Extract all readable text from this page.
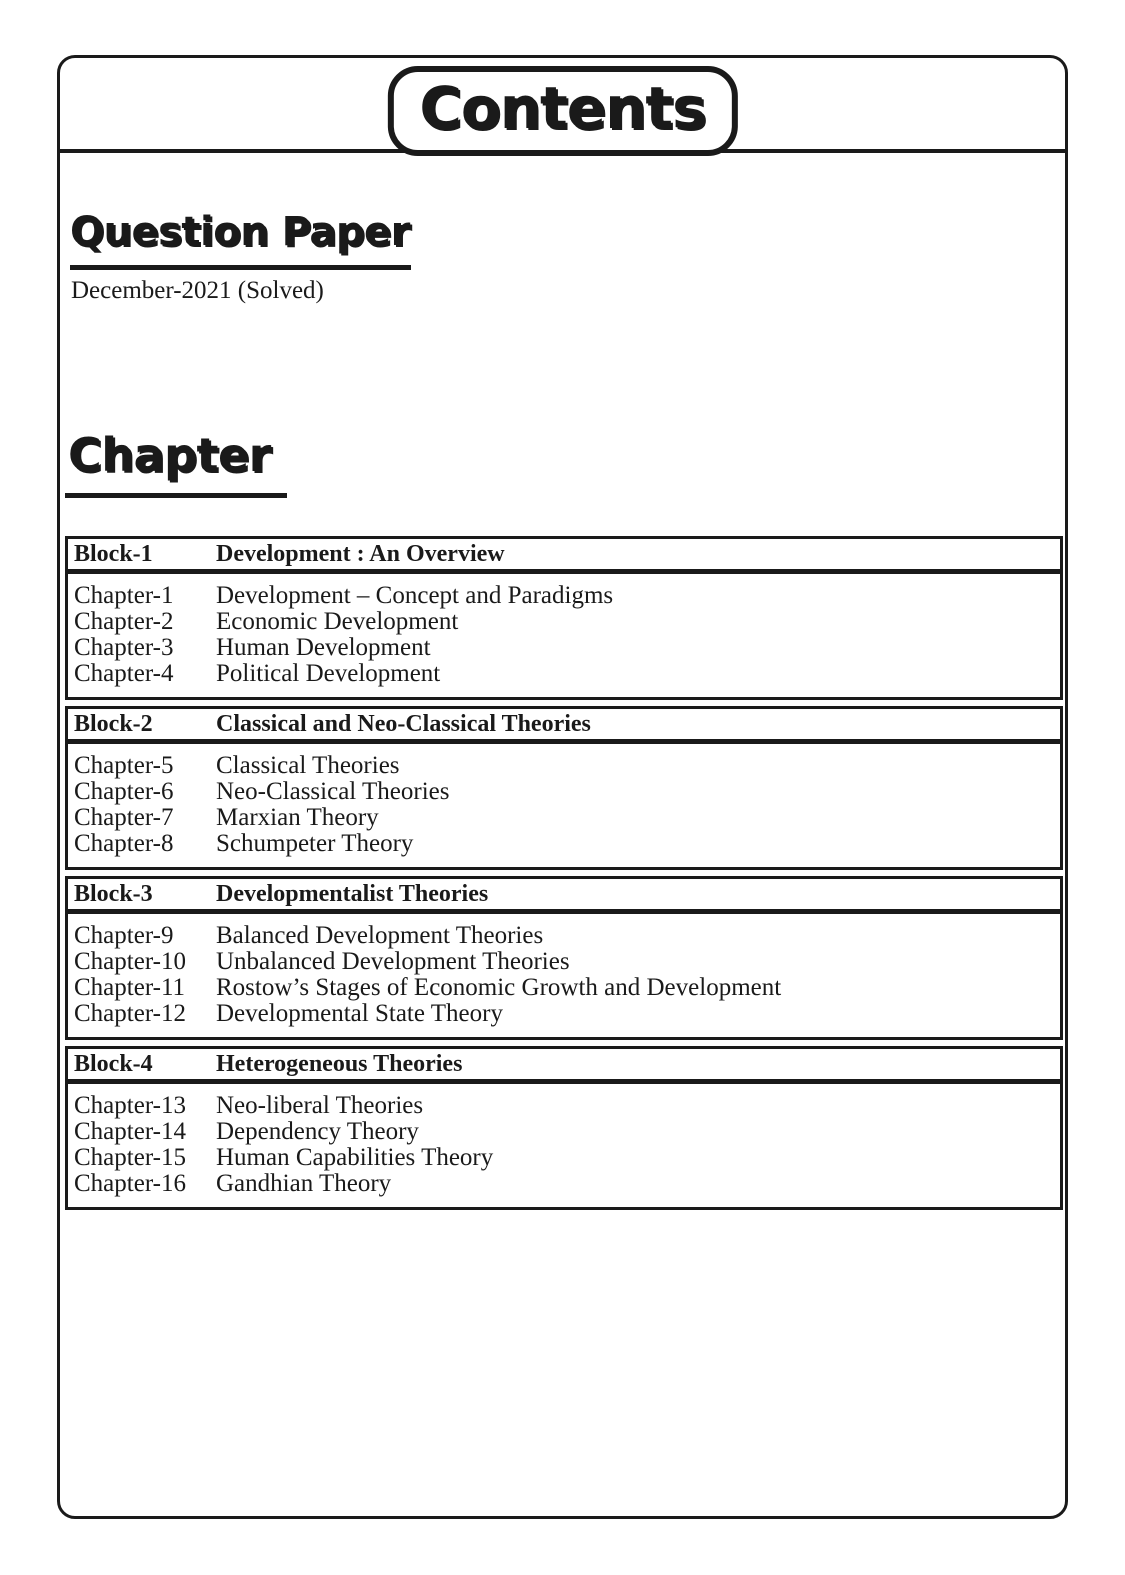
Contents
Question Paper
December-2021 (Solved)
Chapter
Block-1	Development : An Overview
Chapter-1	Development – Concept and Paradigms
Chapter-2	Economic Development
Chapter-3	Human Development
Chapter-4	Political Development
Block-2	Classical and Neo-Classical Theories
Chapter-5	Classical Theories
Chapter-6	Neo-Classical Theories
Chapter-7	Marxian Theory
Chapter-8	Schumpeter Theory
Block-3	Developmentalist Theories
Chapter-9	Balanced Development Theories
Chapter-10	Unbalanced Development Theories
Chapter-11	Rostow’s Stages of Economic Growth and Development
Chapter-12	Developmental State Theory
Block-4	Heterogeneous Theories
Chapter-13	Neo-liberal Theories
Chapter-14	Dependency Theory
Chapter-15	Human Capabilities Theory
Chapter-16	Gandhian Theory
